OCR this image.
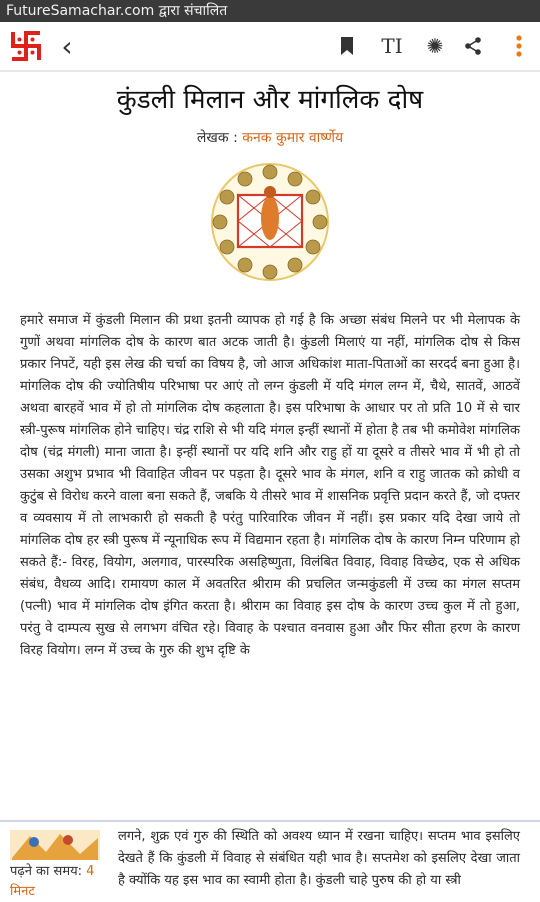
FutureSamachar.com द्वारा संचालित
‹	TI ✺
कुंडली मिलान और मांगलिक दोष
लेखक : कनक कुमार वार्ष्णेय
हमारे समाज में कुंडली मिलान की प्रथा इतनी व्यापक हो गई है कि अच्छा संबंध मिलने पर भी मेलापक के गुणों अथवा मांगलिक दोष के कारण बात अटक जाती है। कुंडली मिलाएं या नहीं, मांगलिक दोष से किस प्रकार निपटें, यही इस लेख की चर्चा का विषय है, जो आज अधिकांश माता-पिताओं का सरदर्द बना हुआ है। मांगलिक दोष की ज्योतिषीय परिभाषा पर आएं तो लग्न कुंडली में यदि मंगल लग्न में, चैथे, सातवें, आठवें अथवा बारहवें भाव में हो तो मांगलिक दोष कहलाता है। इस परिभाषा के आधार पर तो प्रति 10 में से चार स्त्री-पुरूष मांगलिक होने चाहिए। चंद्र राशि से भी यदि मंगल इन्हीं स्थानों में होता है तब भी कमोवेश मांगलिक दोष (चंद्र मंगली) माना जाता है। इन्हीं स्थानों पर यदि शनि और राहु हों या दूसरे व तीसरे भाव में भी हो तो उसका अशुभ प्रभाव भी विवाहित जीवन पर पड़ता है। दूसरे भाव के मंगल, शनि व राहु जातक को क्रोधी व कुटुंब से विरोध करने वाला बना सकते हैं, जबकि ये तीसरे भाव में शासनिक प्रवृत्ति प्रदान करते हैं, जो दफ्तर व व्यवसाय में तो लाभकारी हो सकती है परंतु पारिवारिक जीवन में नहीं। इस प्रकार यदि देखा जाये तो मांगलिक दोष हर स्त्री पुरूष में न्यूनाधिक रूप में विद्यमान रहता है। मांगलिक दोष के कारण निम्न परिणाम हो सकते हैं:- विरह, वियोग, अलगाव, पारस्परिक असहिष्णुता, विलंबित विवाह, विवाह विच्छेद, एक से अधिक संबंध, वैधव्य आदि। रामायण काल में अवतरित श्रीराम की प्रचलित जन्मकुंडली में उच्च का मंगल सप्तम (पत्नी) भाव में मांगलिक दोष इंगित करता है। श्रीराम का विवाह इस दोष के कारण उच्च कुल में तो हुआ, परंतु वे दाम्पत्य सुख से लगभग वंचित रहे। विवाह के पश्चात वनवास हुआ और फिर सीता हरण के कारण विरह वियोग। लग्न में उच्च के गुरु की शुभ दृष्टि के
पढ़ने का समय: 4 मिनट
लगने, शुक्र एवं गुरु की स्थिति को अवश्य ध्यान में रखना चाहिए। सप्तम भाव इसलिए देखते हैं कि कुंडली में विवाह से संबंधित यही भाव है। सप्तमेश को इसलिए देखा जाता है क्योंकि यह इस भाव का स्वामी होता है। कुंडली चाहे पुरुष की हो या स्त्री
